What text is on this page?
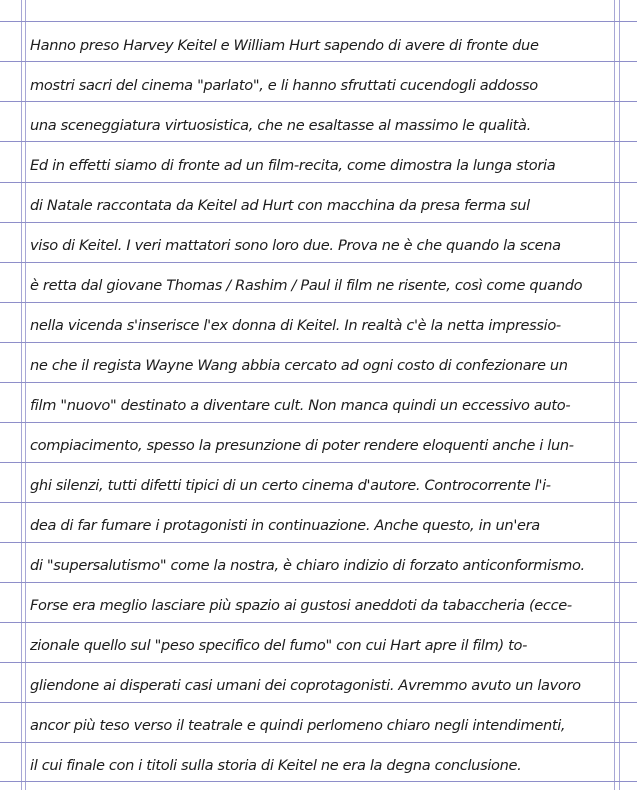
Hanno preso Harvey Keitel e William Hurt sapendo di avere di fronte due
mostri sacri del cinema "parlato", e li hanno sfruttati cucendogli addosso
una sceneggiatura virtuosistica, che ne esaltasse al massimo le qualità.
Ed in effetti siamo di fronte ad un film-recita, come dimostra la lunga storia
di Natale raccontata da Keitel ad Hurt con macchina da presa ferma sul
viso di Keitel. I veri mattatori sono loro due. Prova ne è che quando la scena
è retta dal giovane Thomas / Rashim / Paul il film ne risente, così come quando
nella vicenda s'inserisce l'ex donna di Keitel. In realtà c'è la netta impressio-
ne che il regista Wayne Wang abbia cercato ad ogni costo di confezionare un
film "nuovo" destinato a diventare cult. Non manca quindi un eccessivo auto-
compiacimento, spesso la presunzione di poter rendere eloquenti anche i lun-
ghi silenzi, tutti difetti tipici di un certo cinema d'autore. Controcorrente l'i-
dea di far fumare i protagonisti in continuazione. Anche questo, in un'era
di "supersalutismo" come la nostra, è chiaro indizio di forzato anticonformismo.
Forse era meglio lasciare più spazio ai gustosi aneddoti da tabaccheria (ecce-
zionale quello sul "peso specifico del fumo" con cui Hart apre il film) to-
gliendone ai disperati casi umani dei coprotagonisti. Avremmo avuto un lavoro
ancor più teso verso il teatrale e quindi perlomeno chiaro negli intendimenti,
il cui finale con i titoli sulla storia di Keitel ne era la degna conclusione.
